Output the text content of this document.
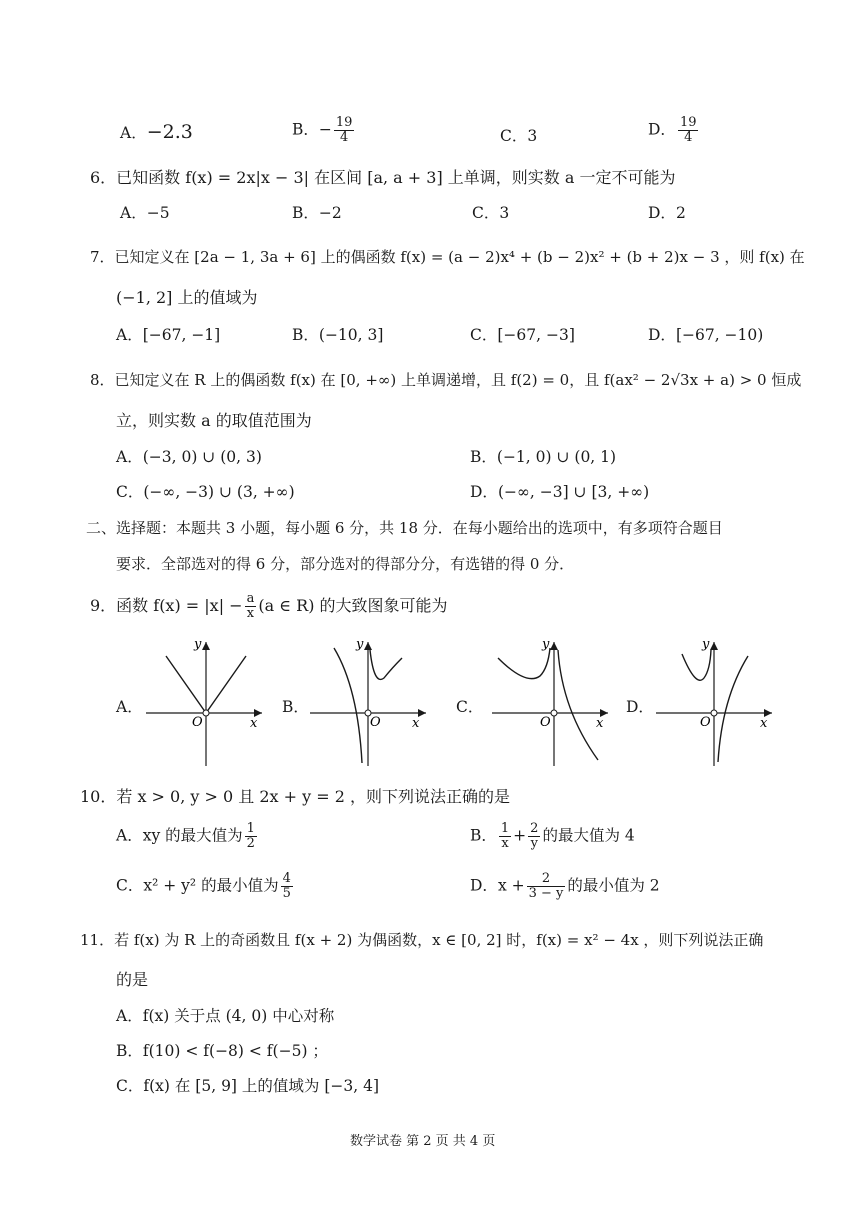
A．−2.3	B．− $\frac{19}{4}$	C．3	D． $\frac{19}{4}$
6．已知函数 f(x) = 2x|x − 3| 在区间 [a, a + 3] 上单调，则实数 a 一定不可能为
A．−5	B．−2	C．3	D．2
7．已知定义在 [2a − 1, 3a + 6] 上的偶函数 f(x) = (a − 2)x⁴ + (b − 2)x² + (b + 2)x − 3 ，则 f(x) 在
(−1, 2] 上的值域为
A．[−67, −1]	B．(−10, 3]	C．[−67, −3]	D．[−67, −10)
8．已知定义在 R 上的偶函数 f(x) 在 [0, +∞) 上单调递增，且 f(2) = 0，且 f(ax² − 2√3x + a) > 0 恒成
立，则实数 a 的取值范围为
A．(−3, 0) ∪ (0, 3)	B．(−1, 0) ∪ (0, 1)
C．(−∞, −3) ∪ (3, +∞)	D．(−∞, −3] ∪ [3, +∞)
二、选择题：本题共 3 小题，每小题 6 分，共 18 分．在每小题给出的选项中，有多项符合题目
要求．全部选对的得 6 分，部分选对的得部分分，有选错的得 0 分．
9．函数 $f(x) = |x| - \frac{a}{x} (a$ ∈ R) 的大致图象可能为
A．
y
x
O
B．
y
x
O
C．
y
x
O
D．
y
x
O
10．若 x > 0, y > 0 且 2x + y = 2 ，则下列说法正确的是
A．xy 的最大值为 $\frac{1}{2}$	B． $\frac{1}{x} + \frac{2}{y}$ 的最大值为 4
C．x² + y² 的最小值为 $\frac{4}{5}$	D．$x + \frac{2}{3 - y}$ 的最小值为 2
11．若 f(x) 为 R 上的奇函数且 f(x + 2) 为偶函数，x ∈ [0, 2] 时，f(x) = x² − 4x ，则下列说法正确
的是
A．f(x) 关于点 (4, 0) 中心对称
B．f(10) < f(−8) < f(−5) ；
C．f(x) 在 [5, 9] 上的值域为 [−3, 4]
数学试卷 第 2 页 共 4 页
